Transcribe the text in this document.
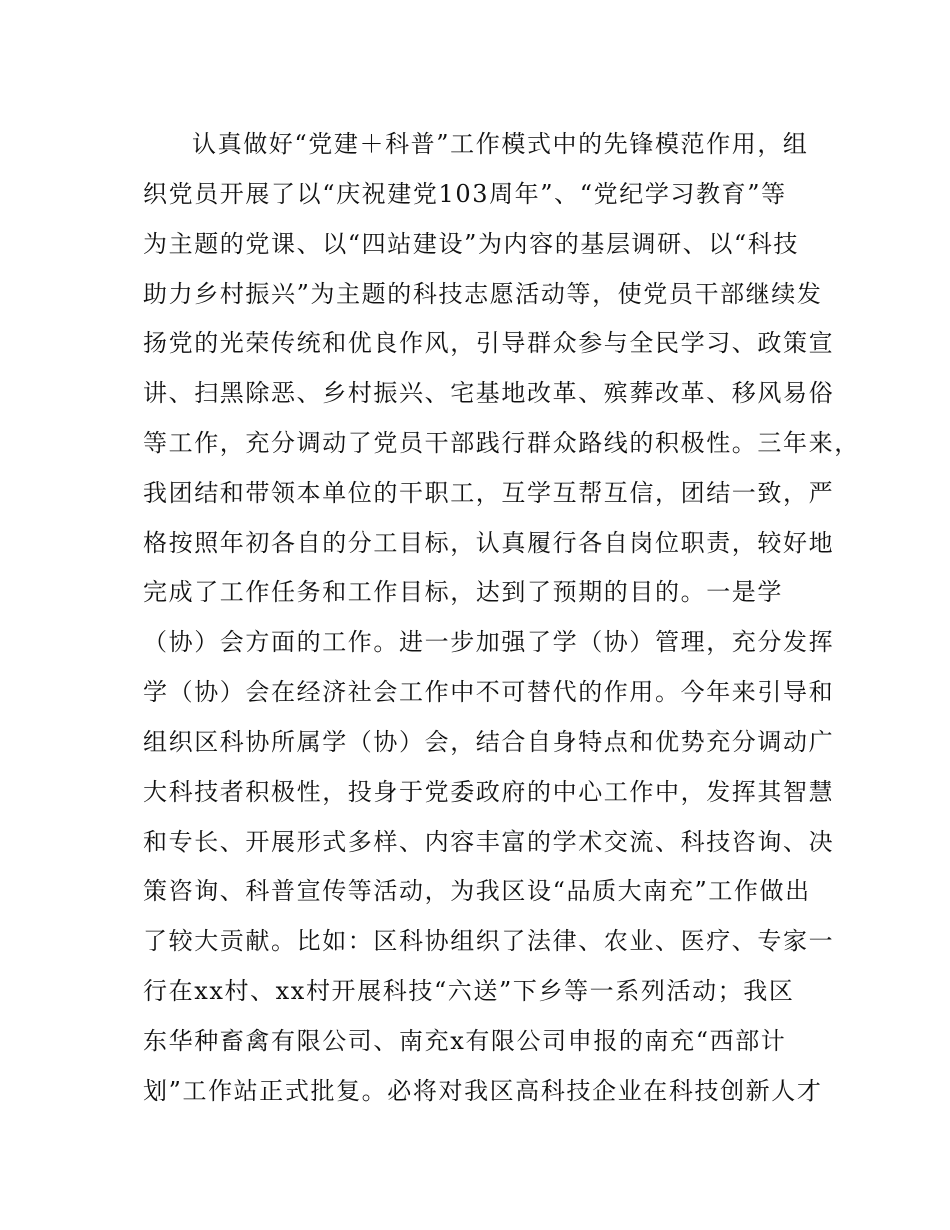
认真做好“党建＋科普”工作模式中的先锋模范作用，组
织党员开展了以“庆祝建党103周年”、“党纪学习教育”等
为主题的党课、以“四站建设”为内容的基层调研、以“科技
助力乡村振兴”为主题的科技志愿活动等，使党员干部继续发
扬党的光荣传统和优良作风，引导群众参与全民学习、政策宣
讲、扫黑除恶、乡村振兴、宅基地改革、殡葬改革、移风易俗
等工作，充分调动了党员干部践行群众路线的积极性。三年来，
我团结和带领本单位的干职工，互学互帮互信，团结一致，严
格按照年初各自的分工目标，认真履行各自岗位职责，较好地
完成了工作任务和工作目标，达到了预期的目的。一是学
（协）会方面的工作。进一步加强了学（协）管理，充分发挥
学（协）会在经济社会工作中不可替代的作用。今年来引导和
组织区科协所属学（协）会，结合自身特点和优势充分调动广
大科技者积极性，投身于党委政府的中心工作中，发挥其智慧
和专长、开展形式多样、内容丰富的学术交流、科技咨询、决
策咨询、科普宣传等活动，为我区设“品质大南充”工作做出
了较大贡献。比如：区科协组织了法律、农业、医疗、专家一
行在xx村、xx村开展科技“六送”下乡等一系列活动；我区
东华种畜禽有限公司、南充x有限公司申报的南充“西部计
划”工作站正式批复。必将对我区高科技企业在科技创新人才
